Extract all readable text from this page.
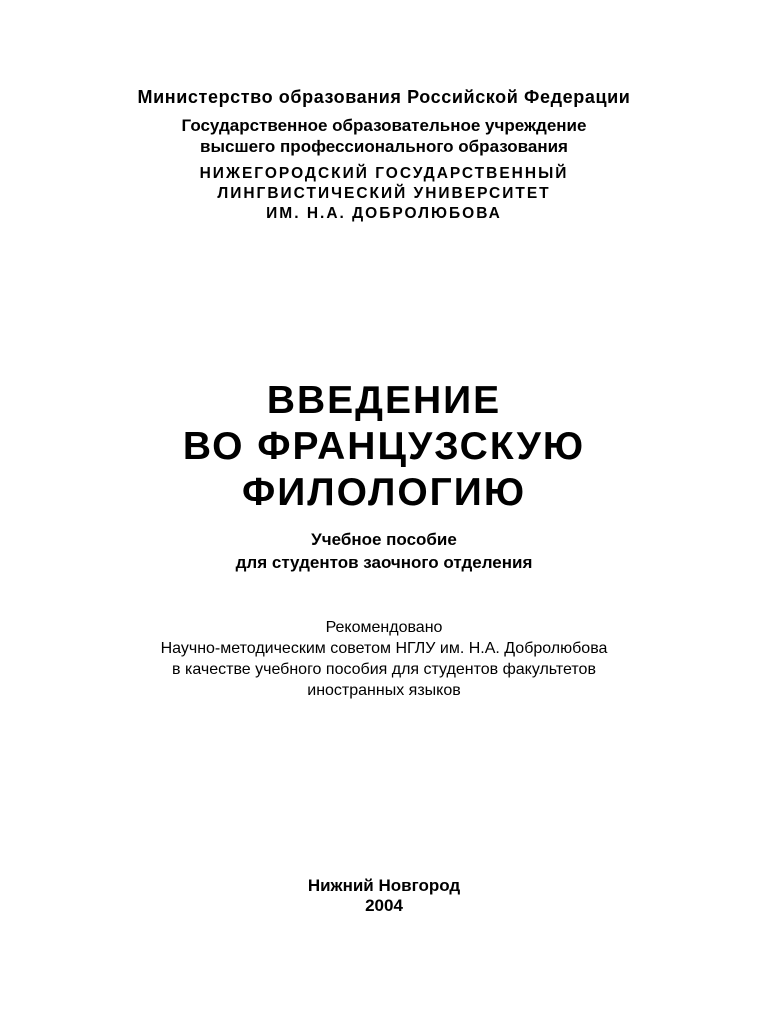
Министерство образования Российской Федерации
Государственное образовательное учреждение
высшего профессионального образования
НИЖЕГОРОДСКИЙ ГОСУДАРСТВЕННЫЙ
ЛИНГВИСТИЧЕСКИЙ УНИВЕРСИТЕТ
ИМ. Н.А. ДОБРОЛЮБОВА
ВВЕДЕНИЕ
ВО ФРАНЦУЗСКУЮ
ФИЛОЛОГИЮ
Учебное пособие
для студентов заочного отделения
Рекомендовано
Научно-методическим советом НГЛУ им. Н.А. Добролюбова
в качестве учебного пособия для студентов факультетов
иностранных языков
Нижний Новгород
2004
